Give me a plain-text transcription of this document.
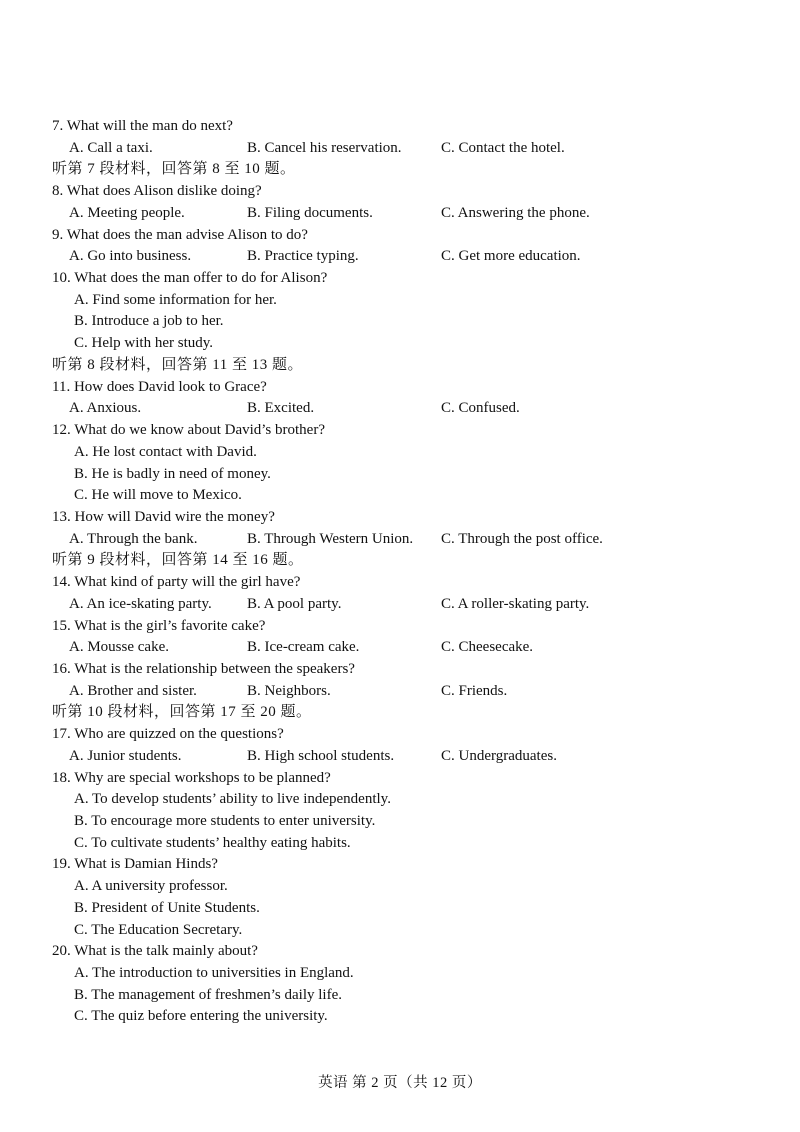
7. What will the man do next?
A. Call a taxi.	B. Cancel his reservation.	C. Contact the hotel.
听第 7 段材料，回答第 8 至 10 题。
8. What does Alison dislike doing?
A. Meeting people.	B. Filing documents.	C. Answering the phone.
9. What does the man advise Alison to do?
A. Go into business.	B. Practice typing.	C. Get more education.
10. What does the man offer to do for Alison?
A. Find some information for her.
B. Introduce a job to her.
C. Help with her study.
听第 8 段材料，回答第 11 至 13 题。
11. How does David look to Grace?
A. Anxious.	B. Excited.	C. Confused.
12. What do we know about David’s brother?
A. He lost contact with David.
B. He is badly in need of money.
C. He will move to Mexico.
13. How will David wire the money?
A. Through the bank.	B. Through Western Union. C. Through the post office.
听第 9 段材料，回答第 14 至 16 题。
14. What kind of party will the girl have?
A. An ice-skating party. B. A pool party.	C. A roller-skating party.
15. What is the girl’s favorite cake?
A. Mousse cake.	B. Ice-cream cake.	C. Cheesecake.
16. What is the relationship between the speakers?
A. Brother and sister.	B. Neighbors.	C. Friends.
听第 10 段材料，回答第 17 至 20 题。
17. Who are quizzed on the questions?
A. Junior students.	B. High school students.	C. Undergraduates.
18. Why are special workshops to be planned?
A. To develop students’ ability to live independently.
B. To encourage more students to enter university.
C. To cultivate students’ healthy eating habits.
19. What is Damian Hinds?
A. A university professor.
B. President of Unite Students.
C. The Education Secretary.
20. What is the talk mainly about?
A. The introduction to universities in England.
B. The management of freshmen’s daily life.
C. The quiz before entering the university.
英语 第 2 页（共 12 页）
